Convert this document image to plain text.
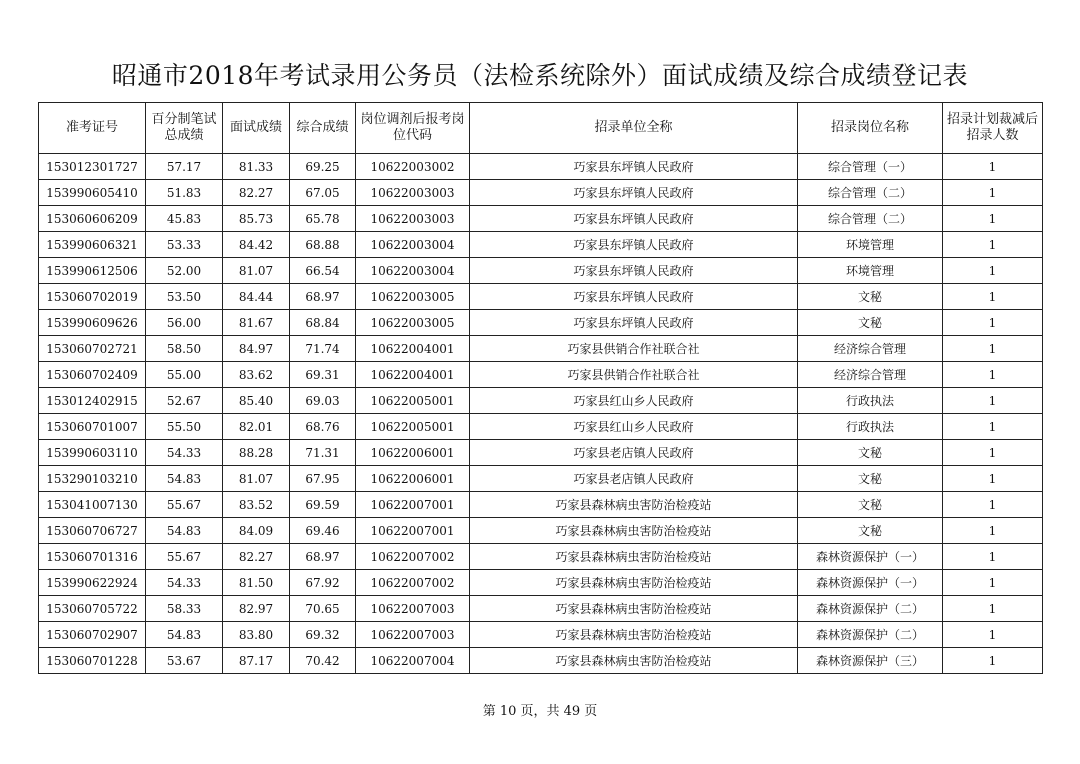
昭通市2018年考试录用公务员（法检系统除外）面试成绩及综合成绩登记表
准考证号	百分制笔试总成绩	面试成绩	综合成绩	岗位调剂后报考岗位代码	招录单位全称	招录岗位名称	招录计划裁减后招录人数
153012301727	57.17	81.33	69.25	10622003002	巧家县东坪镇人民政府	综合管理（一）	1
153990605410	51.83	82.27	67.05	10622003003	巧家县东坪镇人民政府	综合管理（二）	1
153060606209	45.83	85.73	65.78	10622003003	巧家县东坪镇人民政府	综合管理（二）	1
153990606321	53.33	84.42	68.88	10622003004	巧家县东坪镇人民政府	环境管理	1
153990612506	52.00	81.07	66.54	10622003004	巧家县东坪镇人民政府	环境管理	1
153060702019	53.50	84.44	68.97	10622003005	巧家县东坪镇人民政府	文秘	1
153990609626	56.00	81.67	68.84	10622003005	巧家县东坪镇人民政府	文秘	1
153060702721	58.50	84.97	71.74	10622004001	巧家县供销合作社联合社	经济综合管理	1
153060702409	55.00	83.62	69.31	10622004001	巧家县供销合作社联合社	经济综合管理	1
153012402915	52.67	85.40	69.03	10622005001	巧家县红山乡人民政府	行政执法	1
153060701007	55.50	82.01	68.76	10622005001	巧家县红山乡人民政府	行政执法	1
153990603110	54.33	88.28	71.31	10622006001	巧家县老店镇人民政府	文秘	1
153290103210	54.83	81.07	67.95	10622006001	巧家县老店镇人民政府	文秘	1
153041007130	55.67	83.52	69.59	10622007001	巧家县森林病虫害防治检疫站	文秘	1
153060706727	54.83	84.09	69.46	10622007001	巧家县森林病虫害防治检疫站	文秘	1
153060701316	55.67	82.27	68.97	10622007002	巧家县森林病虫害防治检疫站	森林资源保护（一）	1
153990622924	54.33	81.50	67.92	10622007002	巧家县森林病虫害防治检疫站	森林资源保护（一）	1
153060705722	58.33	82.97	70.65	10622007003	巧家县森林病虫害防治检疫站	森林资源保护（二）	1
153060702907	54.83	83.80	69.32	10622007003	巧家县森林病虫害防治检疫站	森林资源保护（二）	1
153060701228	53.67	87.17	70.42	10622007004	巧家县森林病虫害防治检疫站	森林资源保护（三）	1
第 10 页，共 49 页
